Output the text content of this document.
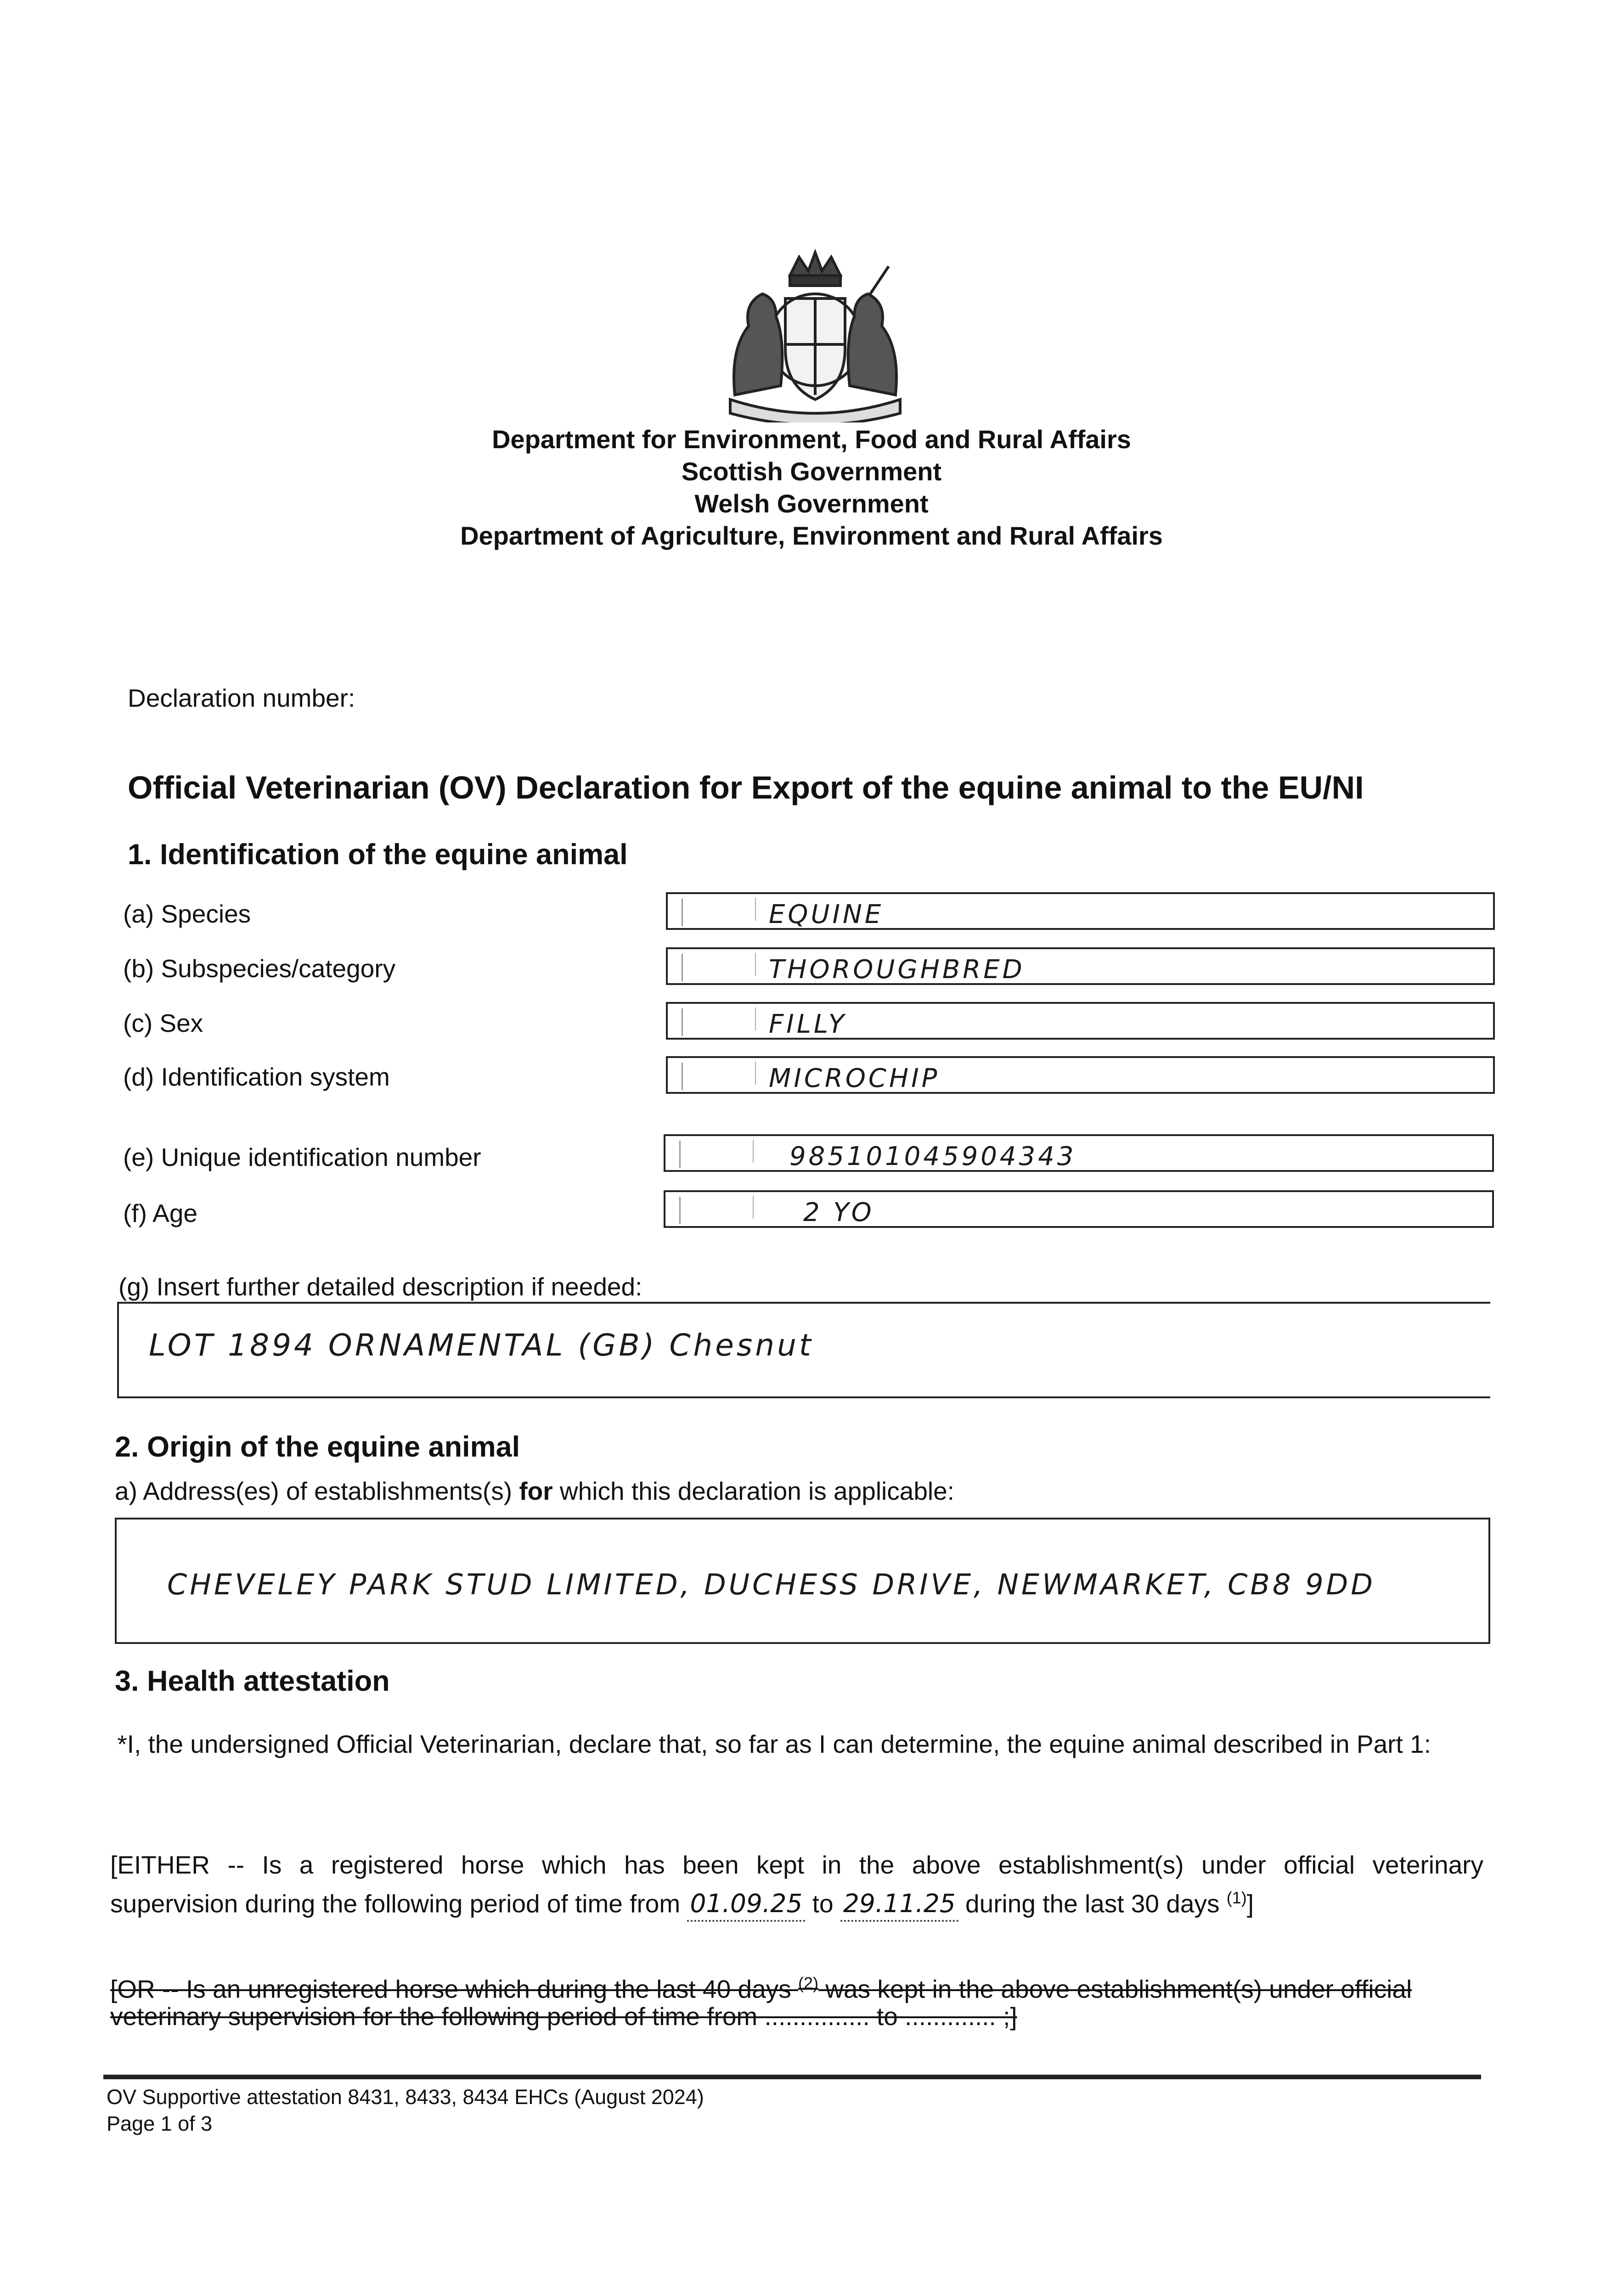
Department for Environment, Food and Rural Affairs
Scottish Government
Welsh Government
Department of Agriculture, Environment and Rural Affairs
Declaration number:
Official Veterinarian (OV) Declaration for Export of the equine animal to the EU/NI
1. Identification of the equine animal
(a) Species	EQUINE
(b) Subspecies/category	THOROUGHBRED
(c) Sex	FILLY
(d) Identification system	MICROCHIP
(e) Unique identification number	985101045904343
(f) Age	2 YO
(g) Insert further detailed description if needed:
LOT 1894 ORNAMENTAL (GB) Chesnut
2. Origin of the equine animal
a) Address(es) of establishments(s) for which this declaration is applicable:
CHEVELEY PARK STUD LIMITED, DUCHESS DRIVE, NEWMARKET, CB8 9DD
3. Health attestation
*I, the undersigned Official Veterinarian, declare that, so far as I can determine, the equine animal described in Part 1:
[EITHER -- Is a registered horse which has been kept in the above establishment(s) under official veterinary
supervision during the following period of time from 01.09.25 to 29.11.25 during the last 30 days $^{(1)}$]
[OR -- Is an unregistered horse which during the last 40 days $^{(2)}$ was kept in the above establishment(s) under official
veterinary supervision for the following period of time from ............... to ............. ;]
OV Supportive attestation 8431, 8433, 8434 EHCs (August 2024)
Page 1 of 3
